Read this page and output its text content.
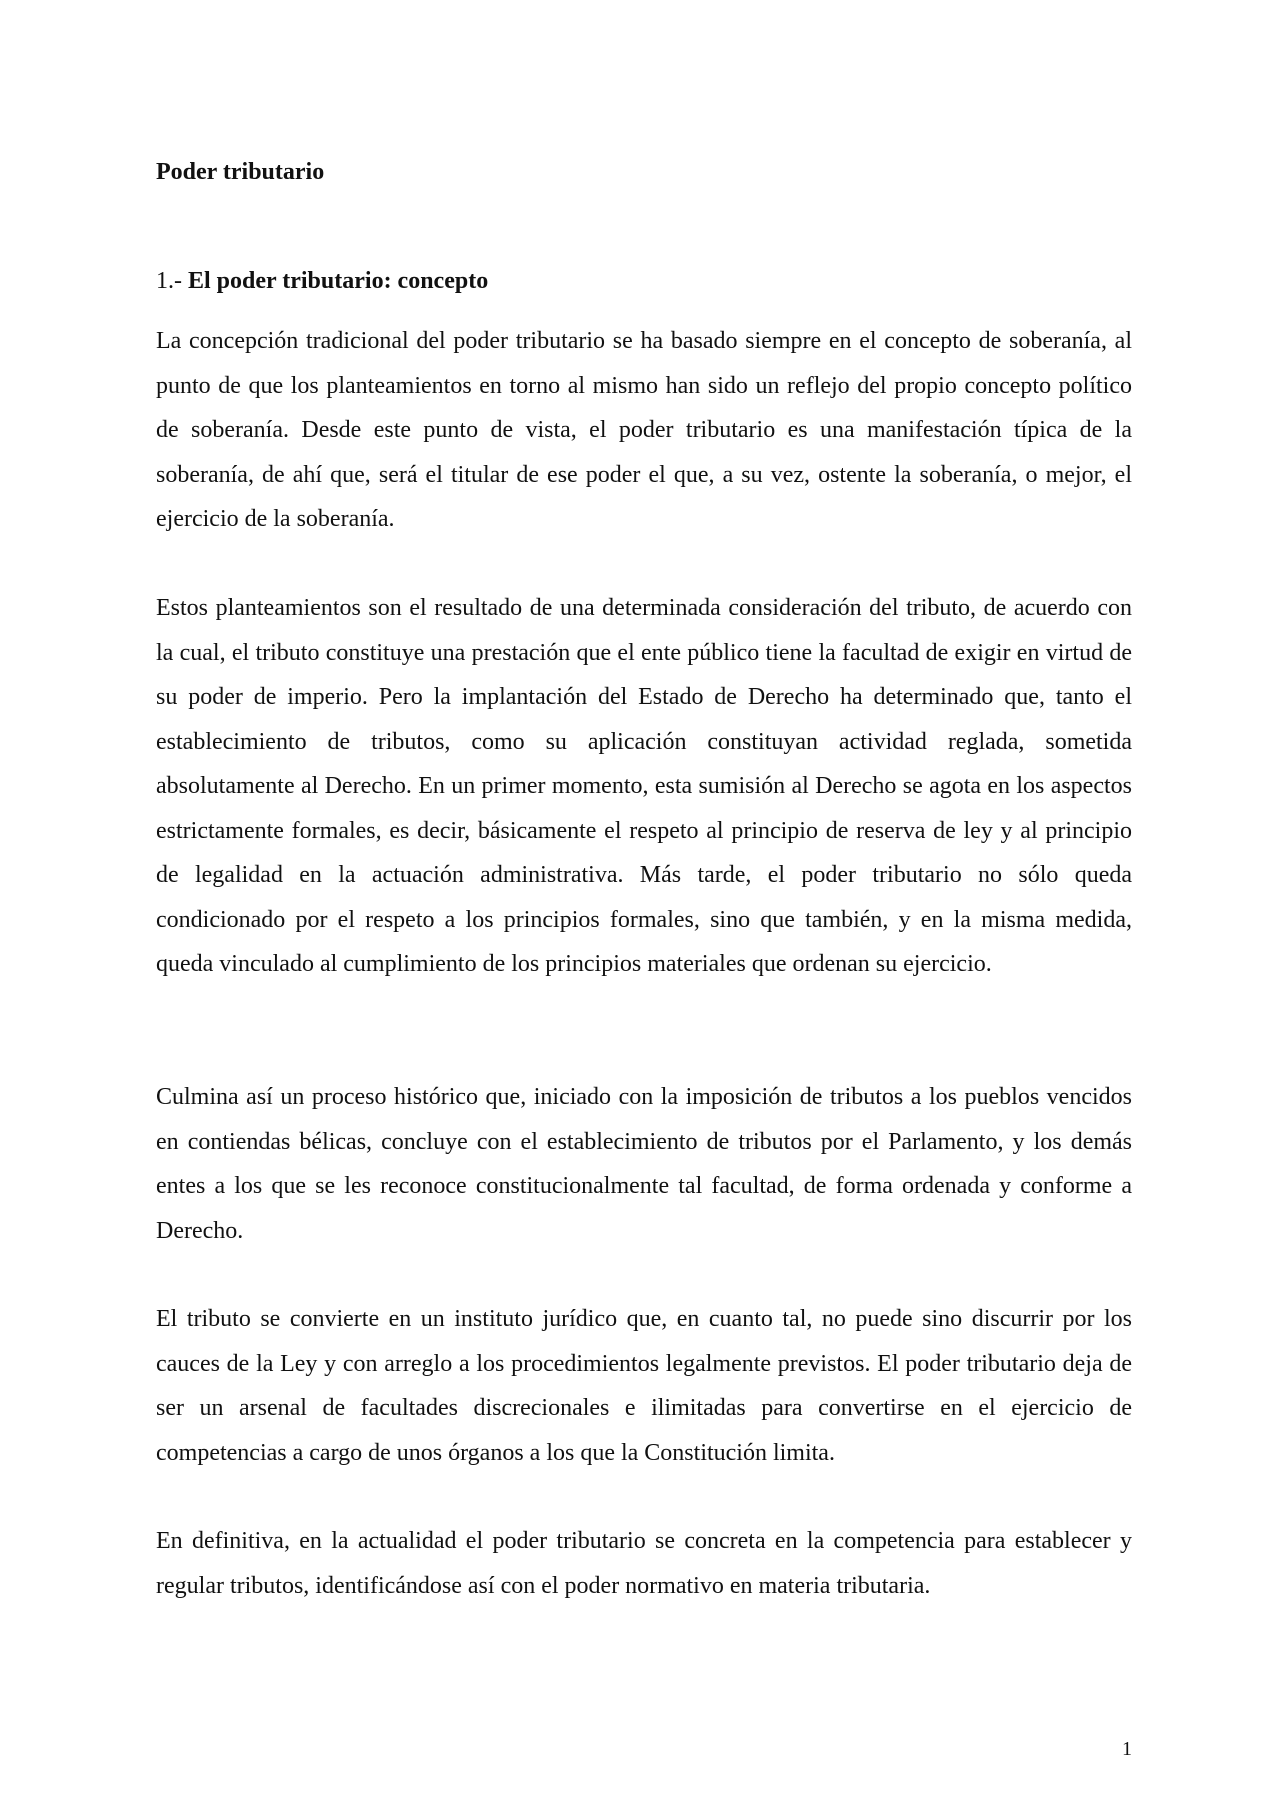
Poder tributario
1.- El poder tributario: concepto

La concepción tradicional del poder tributario se ha basado siempre en el concepto de soberanía, al punto de que los planteamientos en torno al mismo han sido un reflejo del propio concepto político de soberanía. Desde este punto de vista, el poder tributario es una manifestación típica de la soberanía, de ahí que, será el titular de ese poder el que, a su vez, ostente la soberanía, o mejor, el ejercicio de la soberanía.

Estos planteamientos son el resultado de una determinada consideración del tributo, de acuerdo con la cual, el tributo constituye una prestación que el ente público tiene la facultad de exigir en virtud de su poder de imperio. Pero la implantación del Estado de Derecho ha determinado que, tanto el establecimiento de tributos, como su aplicación constituyan actividad reglada, sometida absolutamente al Derecho. En un primer momento, esta sumisión al Derecho se agota en los aspectos estrictamente formales, es decir, básicamente el respeto al principio de reserva de ley y al principio de legalidad en la actuación administrativa. Más tarde, el poder tributario no sólo queda condicionado por el respeto a los principios formales, sino que también, y en la misma medida, queda vinculado al cumplimiento de los principios materiales que ordenan su ejercicio.

Culmina así un proceso histórico que, iniciado con la imposición de tributos a los pueblos vencidos en contiendas bélicas, concluye con el establecimiento de tributos por el Parlamento, y los demás entes a los que se les reconoce constitucionalmente tal facultad, de forma ordenada y conforme a Derecho.

El tributo se convierte en un instituto jurídico que, en cuanto tal, no puede sino discurrir por los cauces de la Ley y con arreglo a los procedimientos legalmente previstos. El poder tributario deja de ser un arsenal de facultades discrecionales e ilimitadas para convertirse en el ejercicio de competencias a cargo de unos órganos a los que la Constitución limita.

En definitiva, en la actualidad el poder tributario se concreta en la competencia para establecer y regular tributos, identificándose así con el poder normativo en materia tributaria.

1
